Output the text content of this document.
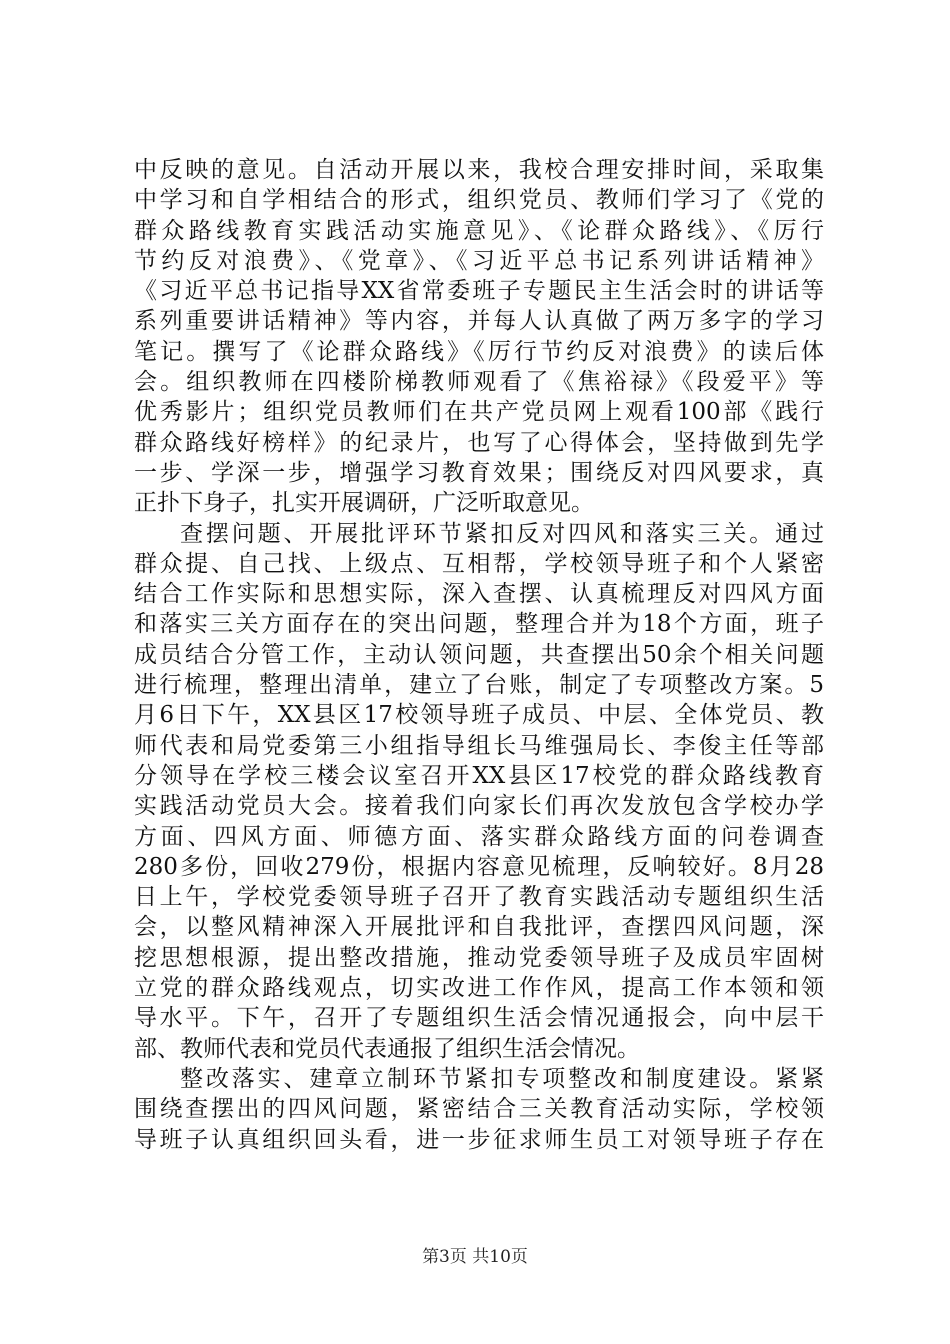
中反映的意见。自活动开展以来，我校合理安排时间，采取集
中学习和自学相结合的形式，组织党员、教师们学习了《党的
群众路线教育实践活动实施意见》、《论群众路线》、《厉行
节约反对浪费》、《党章》、《习近平总书记系列讲话精神》
《习近平总书记指导XX省常委班子专题民主生活会时的讲话等
系列重要讲话精神》等内容，并每人认真做了两万多字的学习
笔记。撰写了《论群众路线》《厉行节约反对浪费》的读后体
会。组织教师在四楼阶梯教师观看了《焦裕禄》《段爱平》等
优秀影片；组织党员教师们在共产党员网上观看100部《践行
群众路线好榜样》的纪录片，也写了心得体会，坚持做到先学
一步、学深一步，增强学习教育效果；围绕反对四风要求，真
正扑下身子，扎实开展调研，广泛听取意见。
查摆问题、开展批评环节紧扣反对四风和落实三关。通过
群众提、自己找、上级点、互相帮，学校领导班子和个人紧密
结合工作实际和思想实际，深入查摆、认真梳理反对四风方面
和落实三关方面存在的突出问题，整理合并为18个方面，班子
成员结合分管工作，主动认领问题，共查摆出50余个相关问题
进行梳理，整理出清单，建立了台账，制定了专项整改方案。5
月6日下午，XX县区17校领导班子成员、中层、全体党员、教
师代表和局党委第三小组指导组长马维强局长、李俊主任等部
分领导在学校三楼会议室召开XX县区17校党的群众路线教育
实践活动党员大会。接着我们向家长们再次发放包含学校办学
方面、四风方面、师德方面、落实群众路线方面的问卷调查
280多份，回收279份，根据内容意见梳理，反响较好。8月28
日上午，学校党委领导班子召开了教育实践活动专题组织生活
会，以整风精神深入开展批评和自我批评，查摆四风问题，深
挖思想根源，提出整改措施，推动党委领导班子及成员牢固树
立党的群众路线观点，切实改进工作作风，提高工作本领和领
导水平。下午，召开了专题组织生活会情况通报会，向中层干
部、教师代表和党员代表通报了组织生活会情况。
整改落实、建章立制环节紧扣专项整改和制度建设。紧紧
围绕查摆出的四风问题，紧密结合三关教育活动实际，学校领
导班子认真组织回头看，进一步征求师生员工对领导班子存在
第3页 共10页
